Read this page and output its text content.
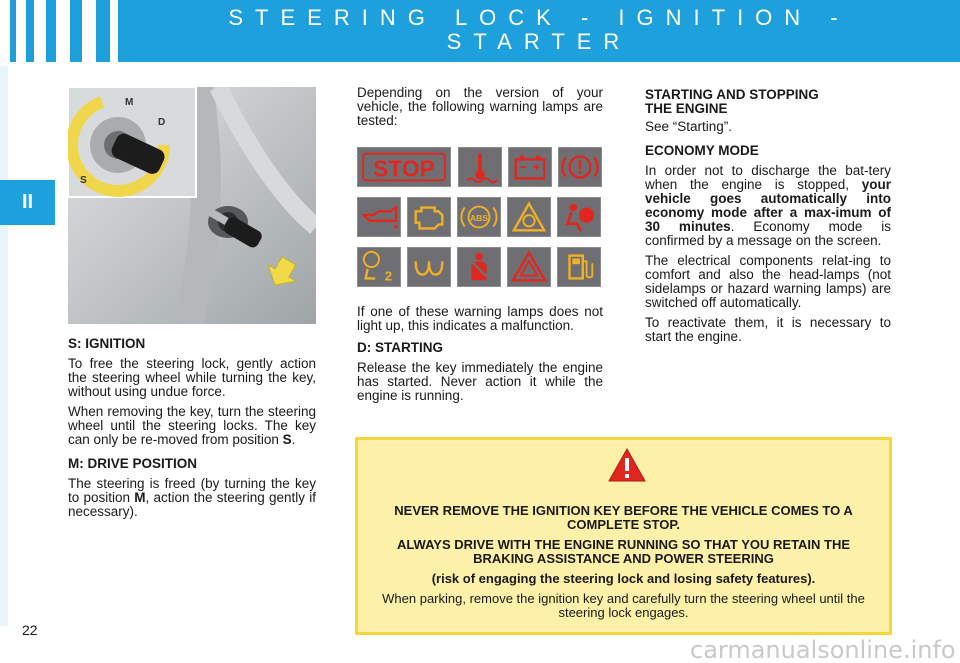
STEERING LOCK - IGNITION -
STARTER
II
M
D
S
S: IGNITION

To free the steering lock, gently action the steering wheel while turning the key, without using undue force.

When removing the key, turn the steering wheel until the steering locks. The key can only be re-moved from position S.

M: DRIVE POSITION

The steering is freed (by turning the key to position M, action the steering gently if necessary).

Depending on the version of your vehicle, the following warning lamps are tested:

STOP
ABS
2

If one of these warning lamps does not light up, this indicates a malfunction.

D: STARTING

Release the key immediately the engine has started. Never action it while the engine is running.

STARTING AND STOPPING
THE ENGINE

See “Starting”.

ECONOMY MODE

In order not to discharge the bat-tery when the engine is stopped, your vehicle goes automatically into economy mode after a max-imum of 30 minutes. Economy mode is confirmed by a message on the screen.

The electrical components relat-ing to comfort and also the head-lamps (not sidelamps or hazard warning lamps) are switched off automatically.

To reactivate them, it is necessary to start the engine.

NEVER REMOVE THE IGNITION KEY BEFORE THE VEHICLE COMES TO A COMPLETE STOP.

ALWAYS DRIVE WITH THE ENGINE RUNNING SO THAT YOU RETAIN THE BRAKING ASSISTANCE AND POWER STEERING

(risk of engaging the steering lock and losing safety features).

When parking, remove the ignition key and carefully turn the steering wheel until the steering lock engages.

22
carmanualsonline.info
